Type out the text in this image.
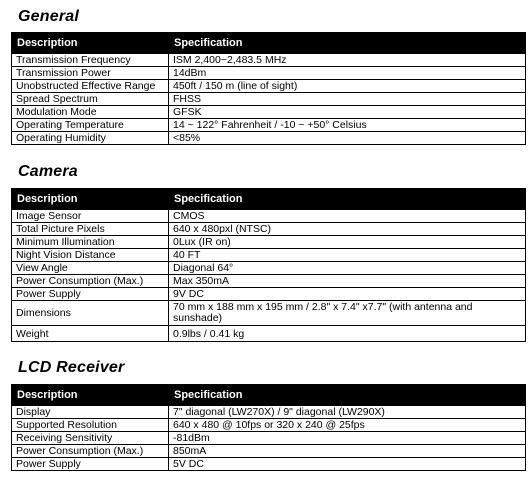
General
Description	Specification
Transmission Frequency	ISM 2,400~2,483.5 MHz
Transmission Power	14dBm
Unobstructed Effective Range	450ft / 150 m (line of sight)
Spread Spectrum	FHSS
Modulation Mode	GFSK
Operating Temperature	14 ~ 122° Fahrenheit / -10 ~ +50° Celsius
Operating Humidity	<85%
Camera
Description	Specification
Image Sensor	CMOS
Total Picture Pixels	640 x 480pxl (NTSC)
Minimum Illumination	0Lux (IR on)
Night Vision Distance	40 FT
View Angle	Diagonal 64°
Power Consumption (Max.)	Max 350mA
Power Supply	9V DC
Dimensions	70 mm x 188 mm x 195 mm / 2.8" x 7.4" x7.7" (with antenna and sunshade)
Weight	0.9lbs / 0.41 kg
LCD Receiver
Description	Specification
Display	7" diagonal (LW270X) / 9" diagonal (LW290X)
Supported Resolution	640 x 480 @ 10fps or 320 x 240 @ 25fps
Receiving Sensitivity	-81dBm
Power Consumption (Max.)	850mA
Power Supply	5V DC
